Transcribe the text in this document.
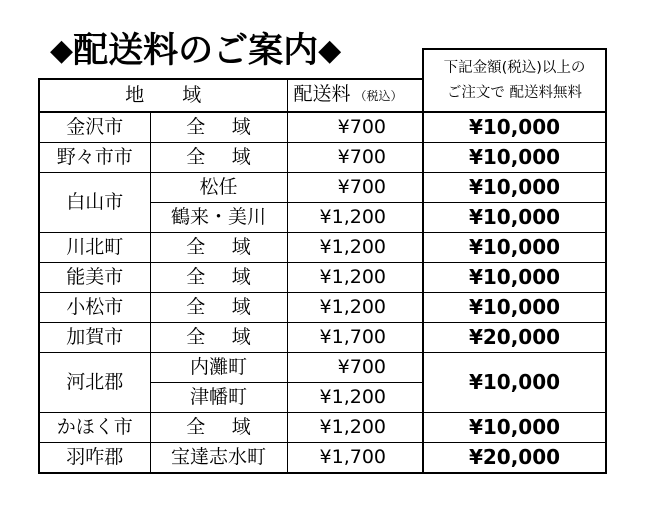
◆配送料のご案内◆

			下記金額(税込)以上の
ご注文で 配送料無料

地域		配送料 （税込）	
金沢市	全域	¥700	¥10,000
野々市市	全域	¥700	¥10,000
白山市	松任	¥700	¥10,000
	鶴来・美川	¥1,200	¥10,000
川北町	全域	¥1,200	¥10,000
能美市	全域	¥1,200	¥10,000
小松市	全域	¥1,200	¥10,000
加賀市	全域	¥1,700	¥20,000
河北郡	内灘町	¥700	¥10,000
	津幡町	¥1,200	
かほく市	全域	¥1,200	¥10,000
羽咋郡	宝達志水町	¥1,700	¥20,000
